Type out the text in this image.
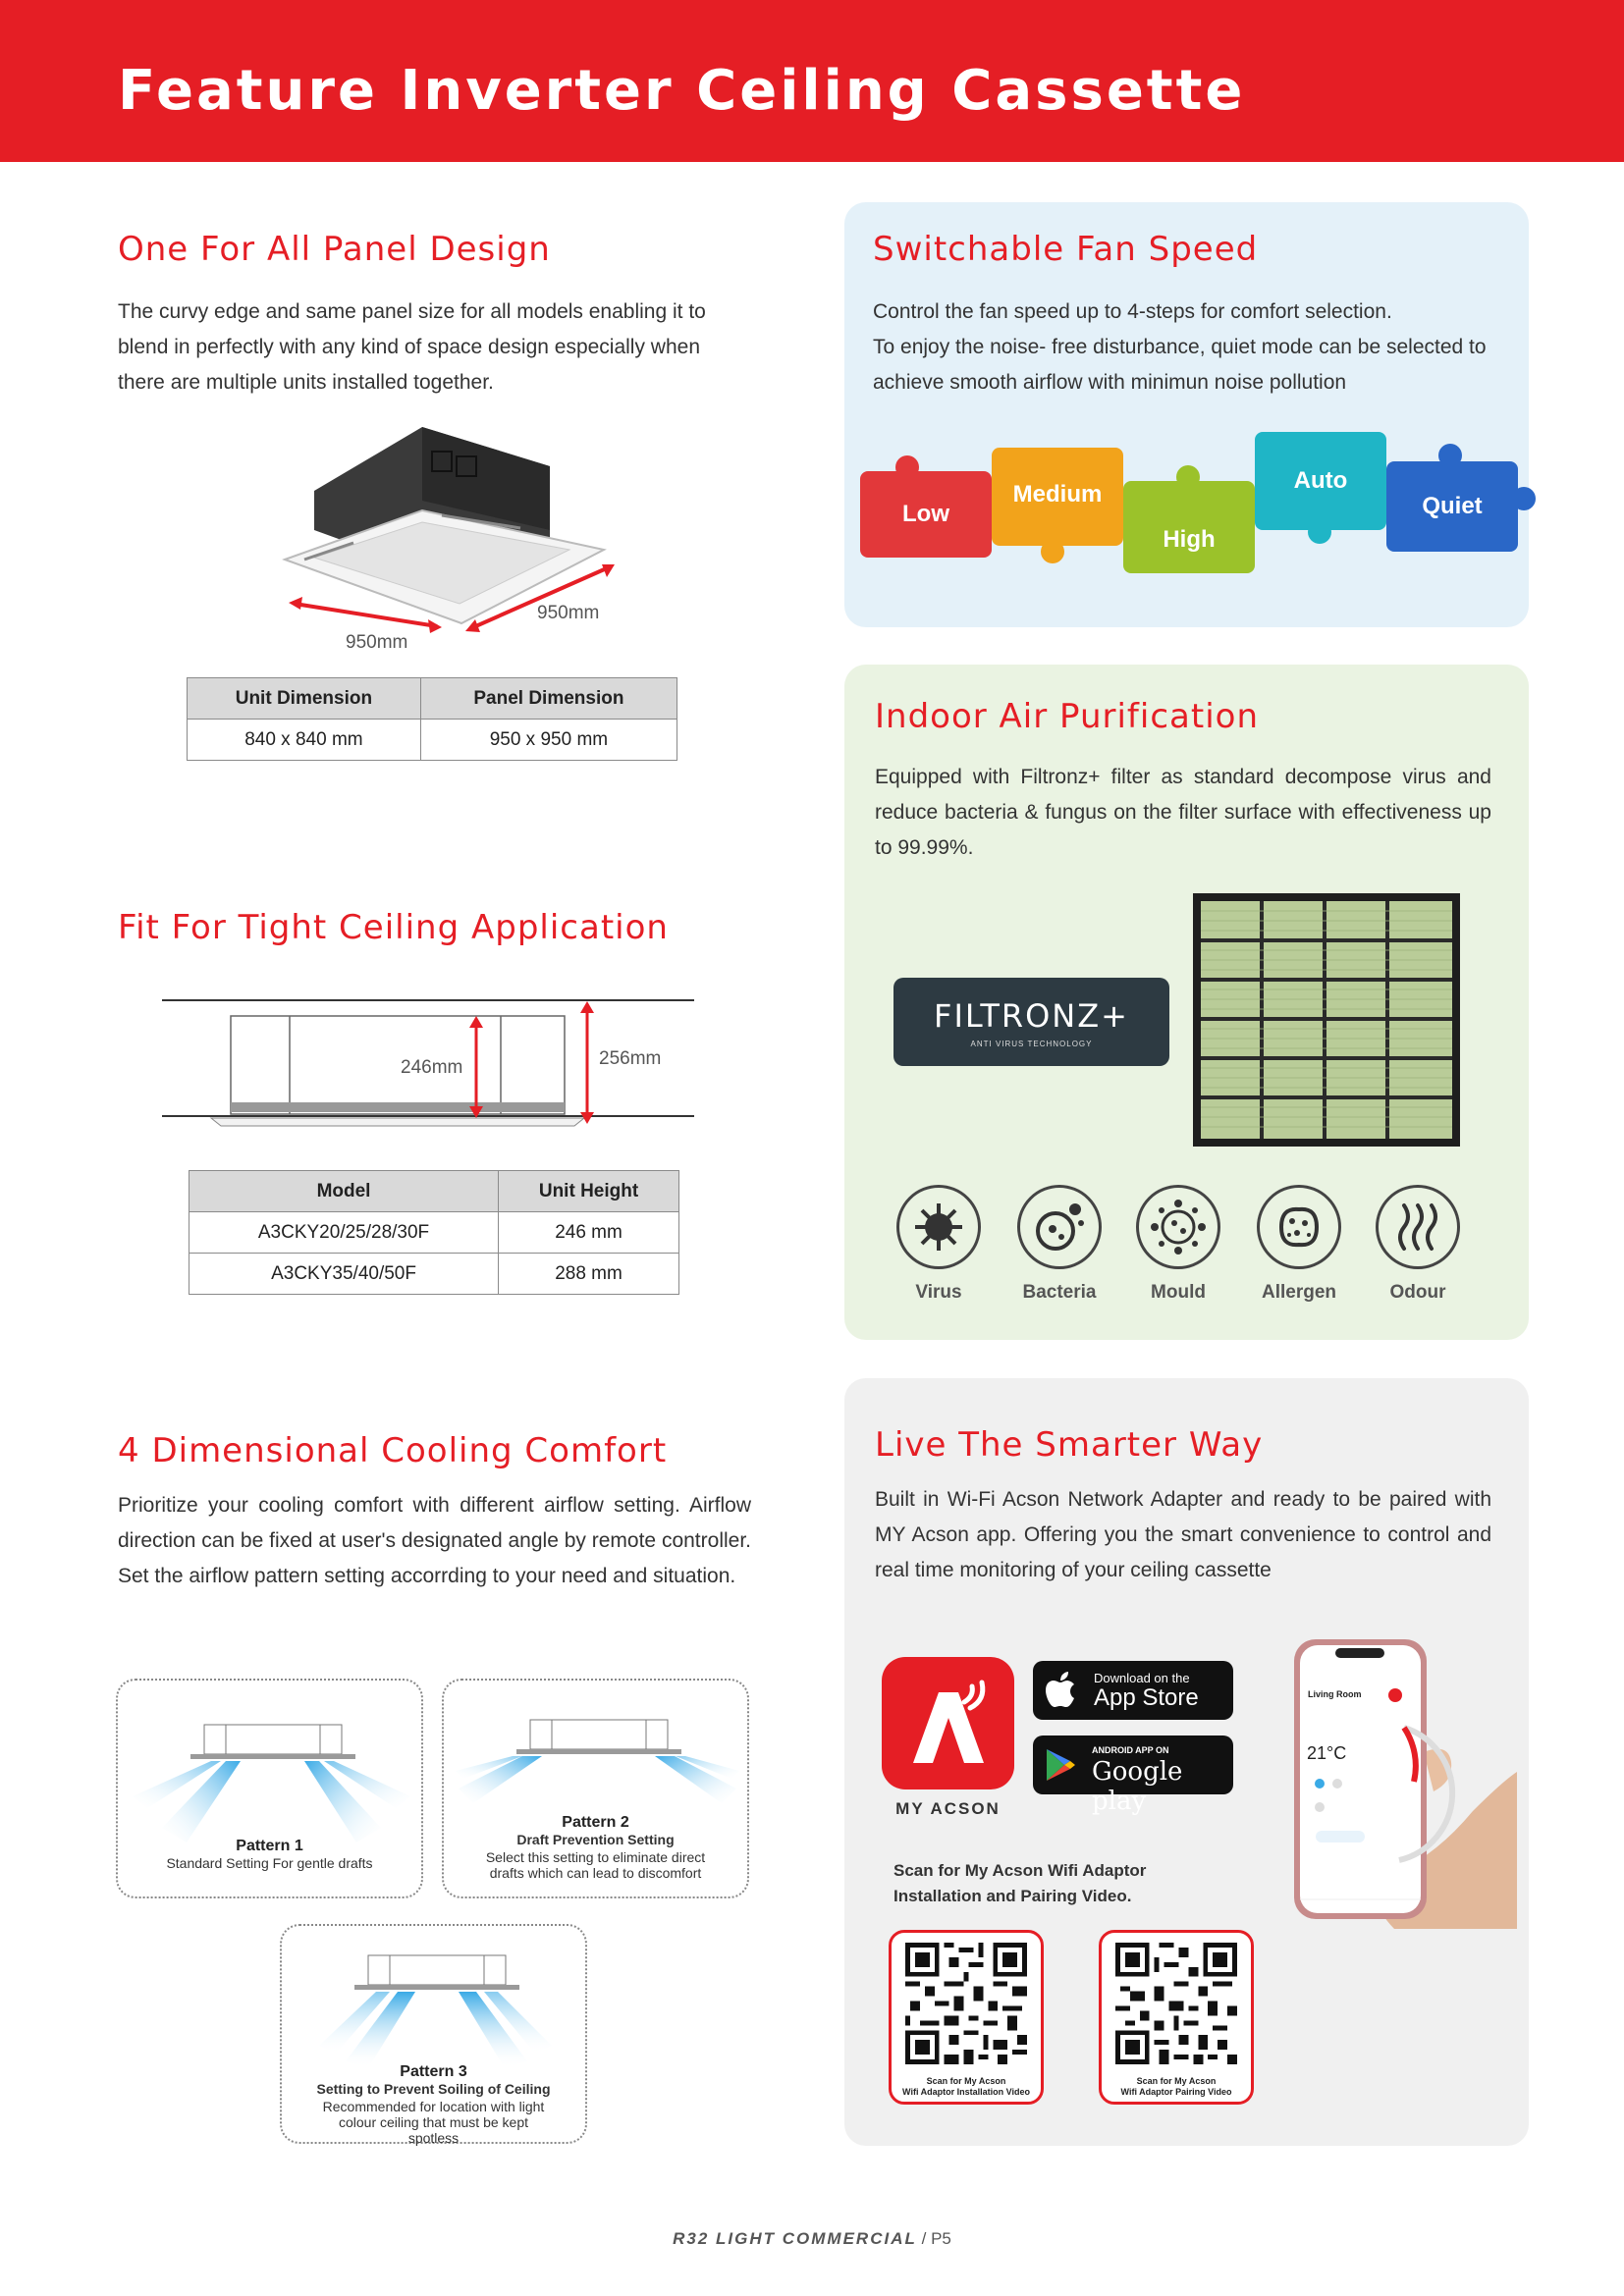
Feature Inverter Ceiling Cassette
One For All Panel Design
The curvy edge and same panel size for all models enabling it to blend in perfectly with any kind of space design especially when there are multiple units installed together.
950mm
950mm
Unit Dimension	Panel Dimension
840 x 840 mm	950 x 950 mm
Fit For Tight Ceiling Application
246mm	256mm
Model	Unit Height
A3CKY20/25/28/30F	246 mm
A3CKY35/40/50F	288 mm
4 Dimensional Cooling Comfort
Prioritize your cooling comfort with different airflow setting. Airflow direction can be fixed at user's designated angle by remote controller. Set the airflow pattern setting accorrding to your need and situation.
Pattern 1
Standard Setting For gentle drafts
Pattern 2
Draft Prevention Setting
Select this setting to eliminate direct drafts which can lead to discomfort
Pattern 3
Setting to Prevent Soiling of Ceiling
Recommended for location with light colour ceiling that must be kept spotless
Switchable Fan Speed
Control the fan speed up to 4-steps for comfort selection.
To enjoy the noise- free disturbance, quiet mode can be selected to achieve smooth airflow with minimun noise pollution
Low
Medium
High
Auto
Quiet
Indoor Air Purification
Equipped with Filtronz+ filter as standard decompose virus and reduce bacteria & fungus on the filter surface with effectiveness up to 99.99%.
FILTRONZ+
ANTI VIRUS TECHNOLOGY
Virus	Bacteria	Mould	Allergen	Odour
Live The Smarter Way
Built in Wi-Fi Acson Network Adapter and ready to be paired with MY Acson app. Offering you the smart convenience to control and real time monitoring of your ceiling cassette
MY ACSON
Download on the
App Store
ANDROID APP ON
Google play
Scan for My Acson Wifi Adaptor
Installation and Pairing Video.
Scan for My Acson
Wifi Adaptor Installation Video
Scan for My Acson
Wifi Adaptor Pairing Video
Living Room
21°C
R32 LIGHT COMMERCIAL / P5
